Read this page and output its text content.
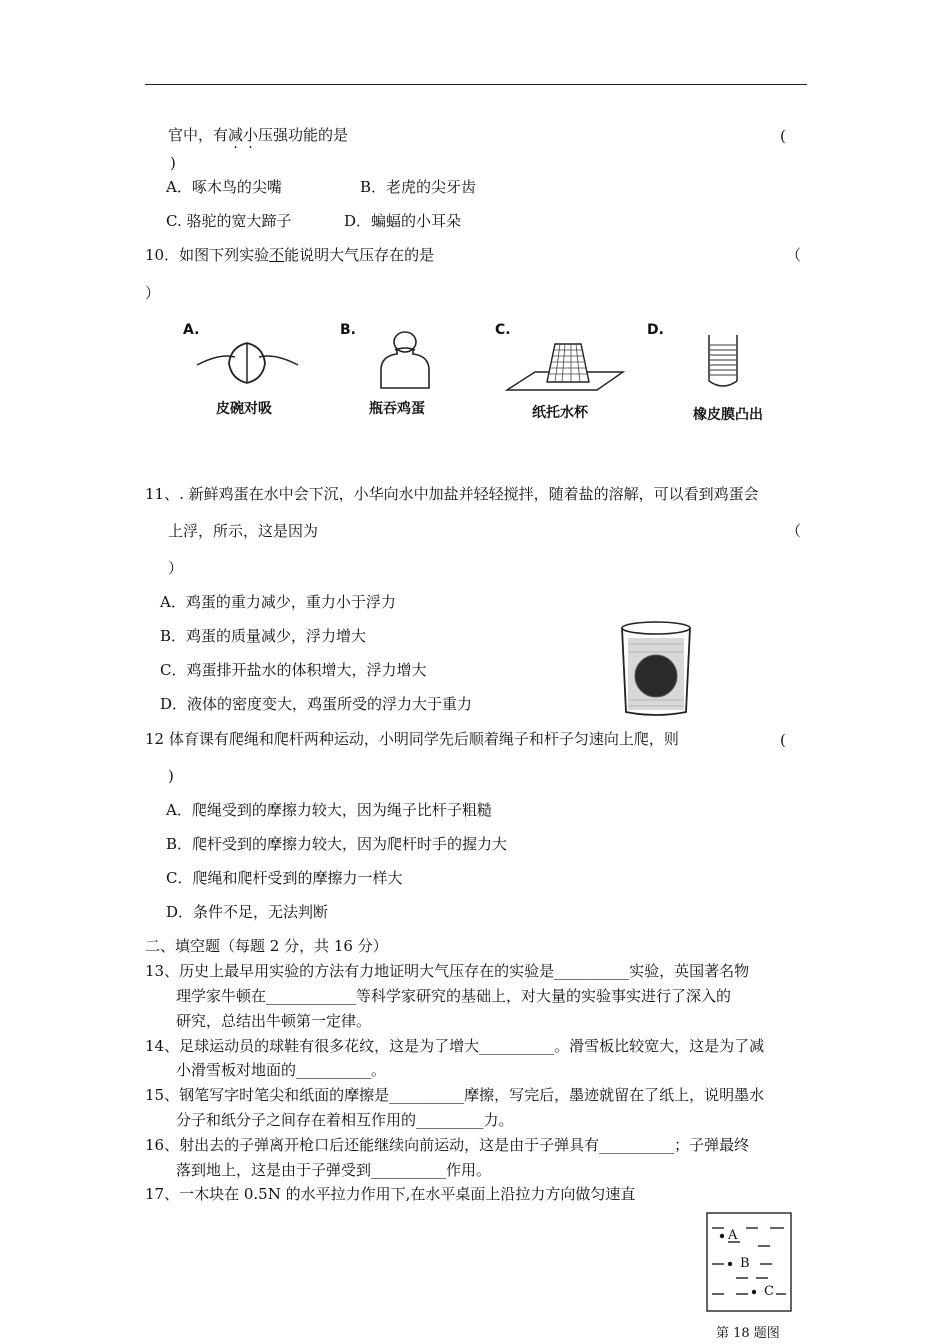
官中，有减小压强功能的是	(
)
A．啄木鸟的尖嘴	B．老虎的尖牙齿
C. 骆驼的宽大蹄子	D．蝙蝠的小耳朵
10．如图下列实验不能说明大气压存在的是	（
）
A.	B.	C.	D.
皮碗对吸	瓶吞鸡蛋	纸托水杯	橡皮膜凸出
11、. 新鲜鸡蛋在水中会下沉，小华向水中加盐并轻轻搅拌，随着盐的溶解，可以看到鸡蛋会
上浮，所示，这是因为	（
）
A．鸡蛋的重力减少，重力小于浮力
B．鸡蛋的质量减少，浮力增大
C．鸡蛋排开盐水的体积增大，浮力增大
D．液体的密度变大，鸡蛋所受的浮力大于重力
12 体育课有爬绳和爬杆两种运动，小明同学先后顺着绳子和杆子匀速向上爬，则	(
)
A．爬绳受到的摩擦力较大，因为绳子比杆子粗糙
B．爬杆受到的摩擦力较大，因为爬杆时手的握力大
C．爬绳和爬杆受到的摩擦力一样大
D．条件不足，无法判断
二、填空题（每题 2 分，共 16 分）
13、历史上最早用实验的方法有力地证明大气压存在的实验是__________实验，英国著名物
理学家牛顿在____________等科学家研究的基础上，对大量的实验事实进行了深入的
研究，总结出牛顿第一定律。
14、足球运动员的球鞋有很多花纹，这是为了增大__________。滑雪板比较宽大，这是为了减
小滑雪板对地面的__________。
15、钢笔写字时笔尖和纸面的摩擦是__________摩擦，写完后，墨迹就留在了纸上，说明墨水
分子和纸分子之间存在着相互作用的_________力。
16、射出去的子弹离开枪口后还能继续向前运动，这是由于子弹具有__________；子弹最终
落到地上，这是由于子弹受到__________作用。
17、一木块在 0.5N 的水平拉力作用下,在水平桌面上沿拉力方向做匀速直
A
B
C
第 18 题图
